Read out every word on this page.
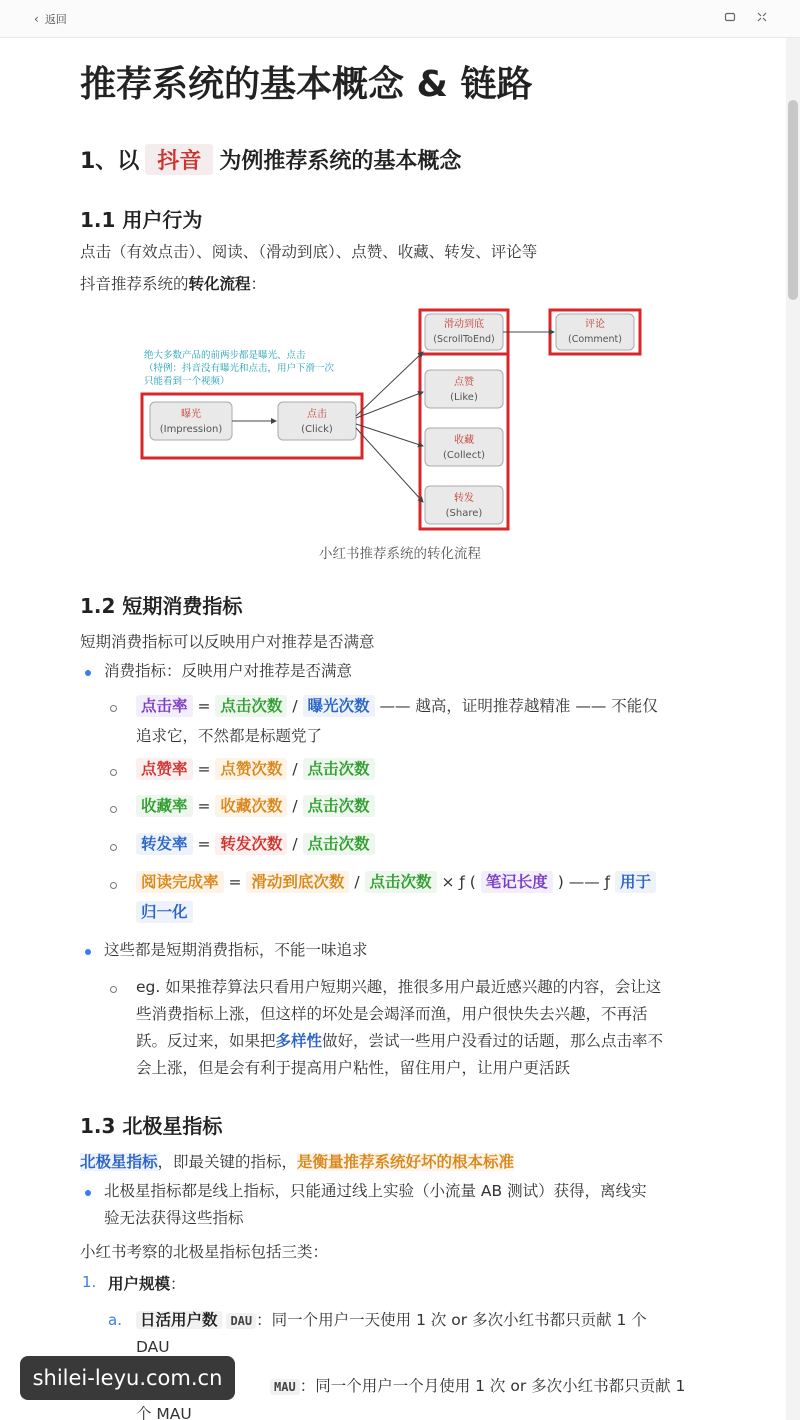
‹ 返回
推荐系统的基本概念 & 链路
1、以 抖音 为例推荐系统的基本概念
1.1 用户行为
点击（有效点击）、阅读、（滑动到底）、点赞、收藏、转发、评论等
抖音推荐系统的转化流程：
绝大多数产品的前两步都是曝光、点击
（特例：抖音没有曝光和点击，用户下滑一次
只能看到一个视频）
曝光
(Impression)
点击
(Click)
滑动到底
(ScrollToEnd)
评论
(Comment)
点赞
(Like)
收藏
(Collect)
转发
(Share)
小红书推荐系统的转化流程
1.2 短期消费指标
短期消费指标可以反映用户对推荐是否满意
消费指标：反映用户对推荐是否满意
点击率 = 点击次数 / 曝光次数 —— 越高，证明推荐越精准 —— 不能仅
追求它，不然都是标题党了
点赞率 = 点赞次数 / 点击次数
收藏率 = 收藏次数 / 点击次数
转发率 = 转发次数 / 点击次数
阅读完成率 = 滑动到底次数 / 点击次数 × ƒ ( 笔记长度 ) —— ƒ 用于
归一化
这些都是短期消费指标，不能一味追求
eg. 如果推荐算法只看用户短期兴趣，推很多用户最近感兴趣的内容，会让这
些消费指标上涨，但这样的坏处是会竭泽而渔，用户很快失去兴趣，不再活
跃。反过来，如果把多样性做好，尝试一些用户没看过的话题，那么点击率不
会上涨，但是会有利于提高用户粘性，留住用户，让用户更活跃
1.3 北极星指标
北极星指标，即最关键的指标，是衡量推荐系统好坏的根本标准
北极星指标都是线上指标，只能通过线上实验（小流量 AB 测试）获得，离线实
验无法获得这些指标
小红书考察的北极星指标包括三类：
1. 用户规模：
a. 日活用户数 DAU ：同一个用户一天使用 1 次 or 多次小红书都只贡献 1 个
DAU
MAU ：同一个用户一个月使用 1 次 or 多次小红书都只贡献 1
个 MAU
shilei-leyu.com.cn
